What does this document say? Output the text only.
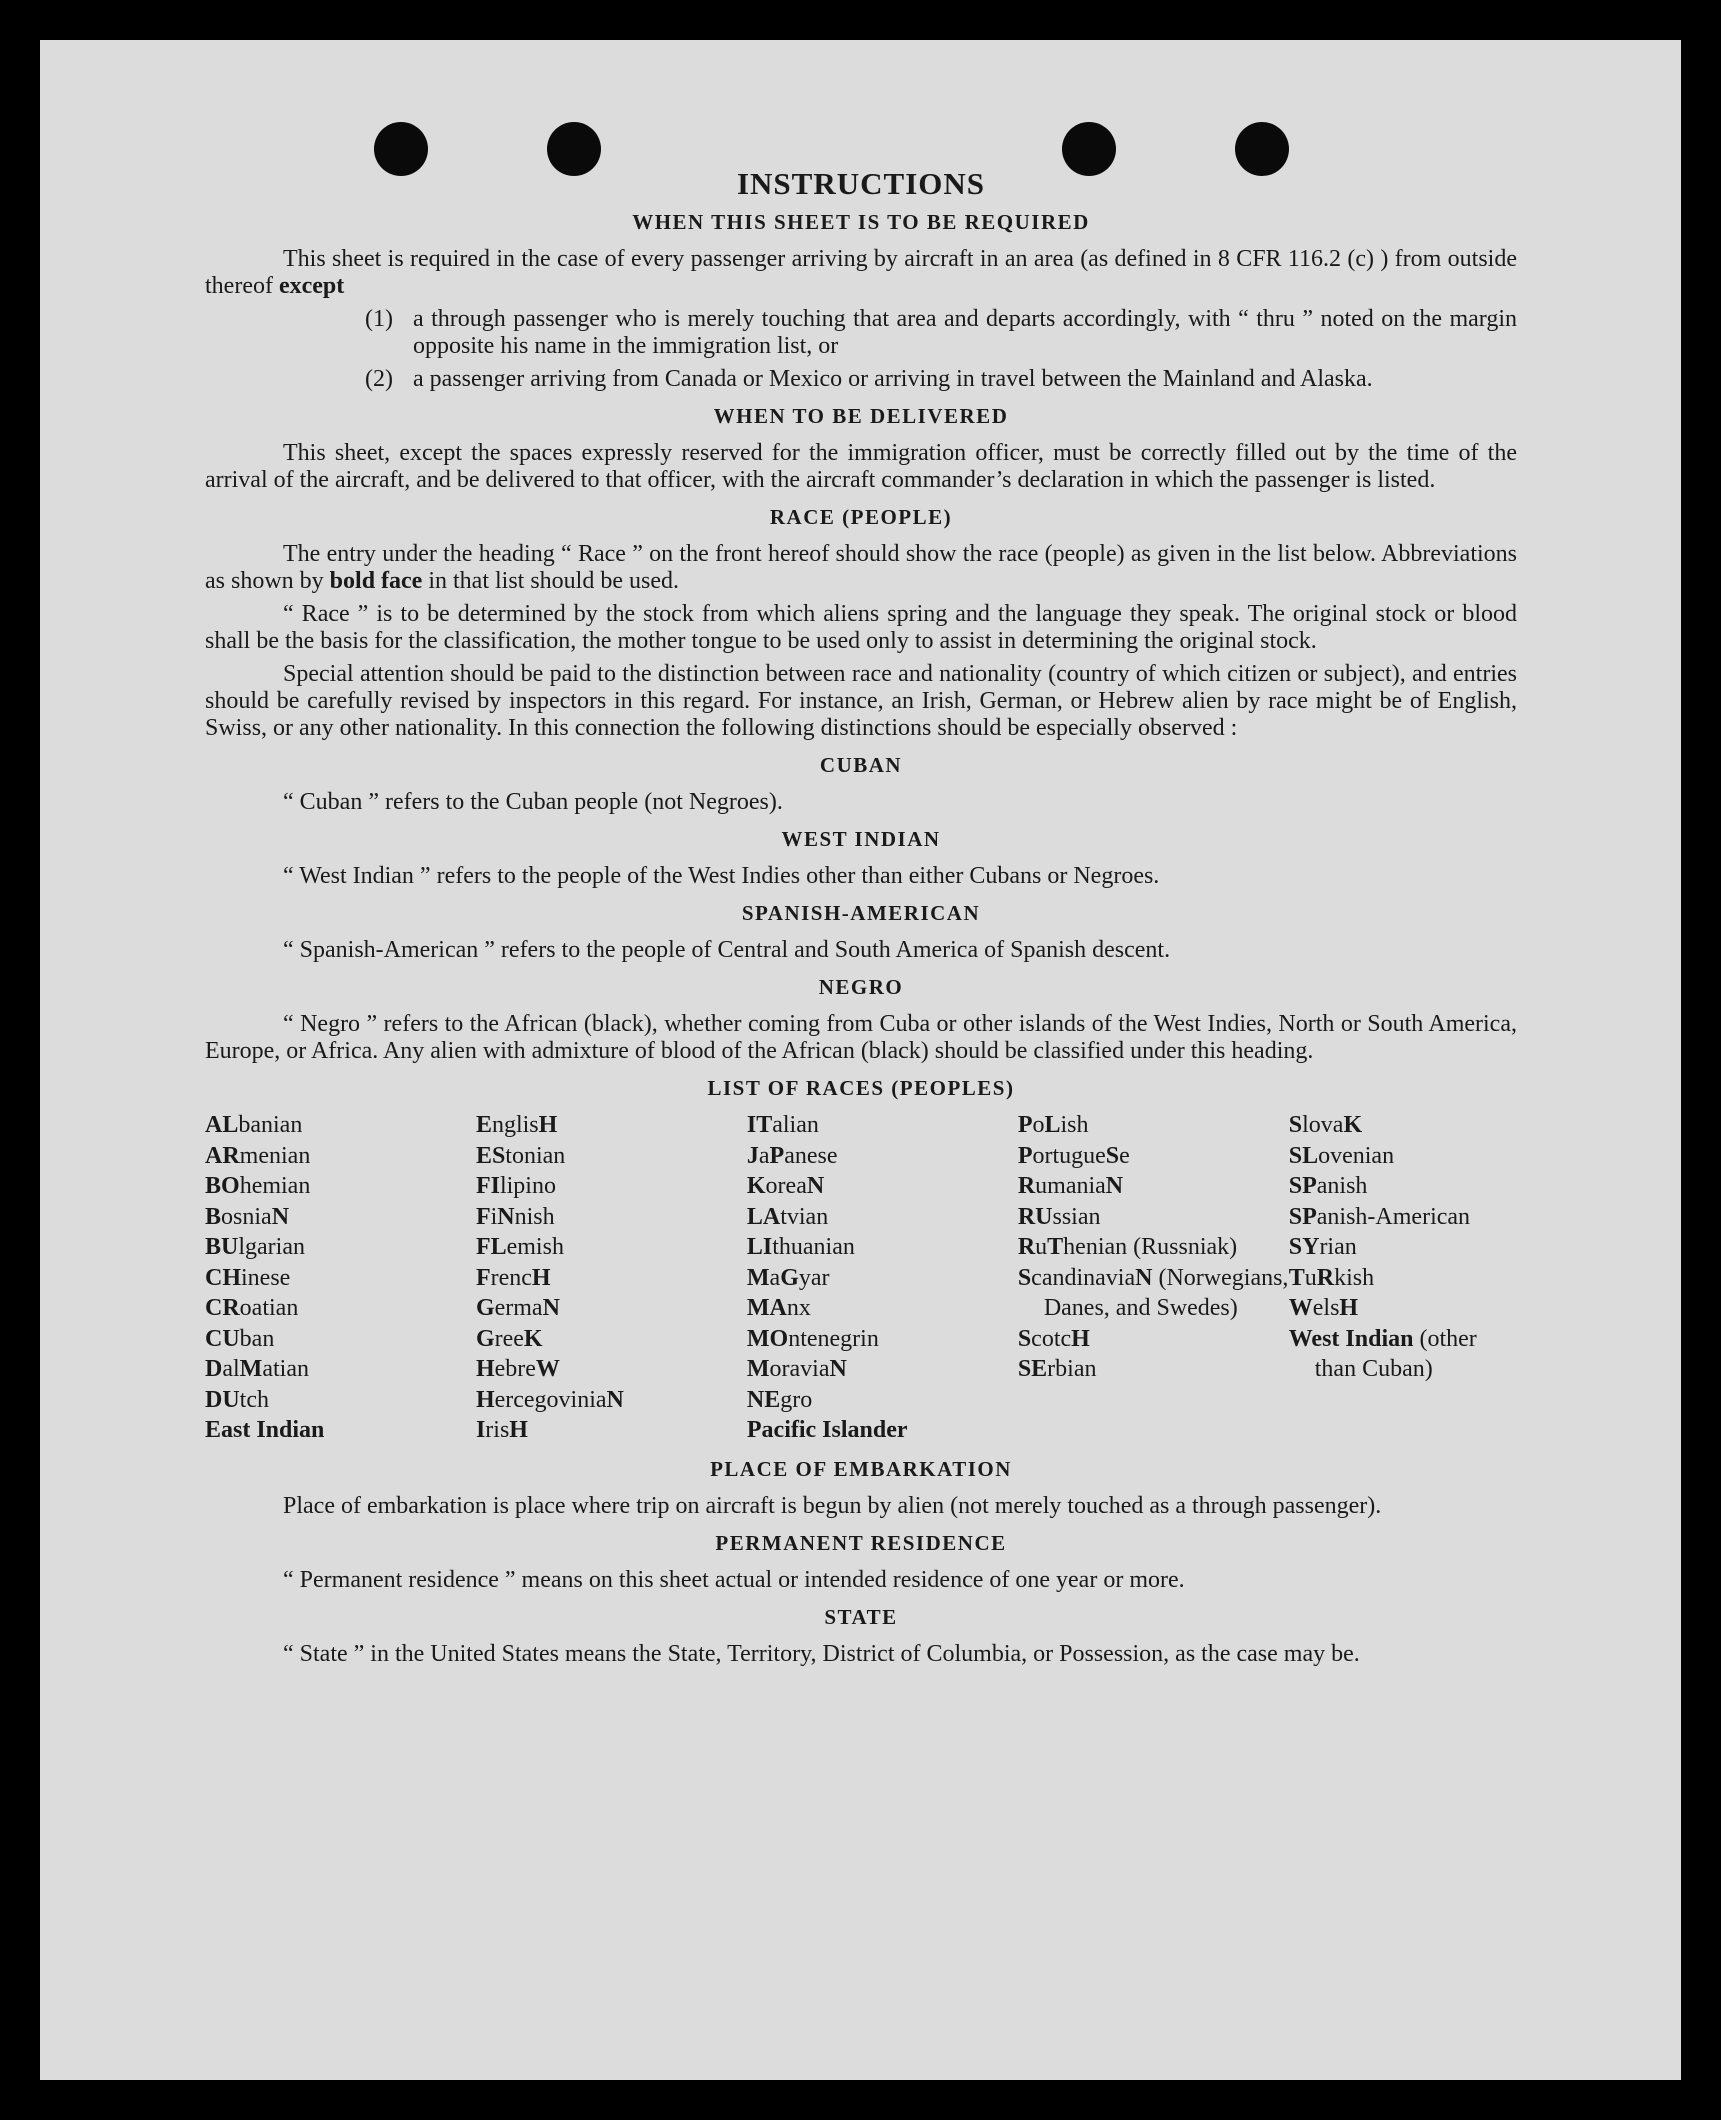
INSTRUCTIONS
WHEN THIS SHEET IS TO BE REQUIRED

This sheet is required in the case of every passenger arriving by aircraft in an area (as defined in 8 CFR 116.2 (c) ) from outside thereof except

(1) a through passenger who is merely touching that area and departs accordingly, with “ thru ” noted on the margin opposite his name in the immigration list, or
(2) a passenger arriving from Canada or Mexico or arriving in travel between the Mainland and Alaska.
WHEN TO BE DELIVERED

This sheet, except the spaces expressly reserved for the immigration officer, must be correctly filled out by the time of the arrival of the aircraft, and be delivered to that officer, with the aircraft commander’s declaration in which the passenger is listed.

RACE (PEOPLE)

The entry under the heading “ Race ” on the front hereof should show the race (people) as given in the list below. Abbreviations as shown by bold face in that list should be used.

“ Race ” is to be determined by the stock from which aliens spring and the language they speak. The original stock or blood shall be the basis for the classification, the mother tongue to be used only to assist in determining the original stock.

Special attention should be paid to the distinction between race and nationality (country of which citizen or subject), and entries should be carefully revised by inspectors in this regard. For instance, an Irish, German, or Hebrew alien by race might be of English, Swiss, or any other nationality. In this connection the following distinctions should be especially observed :

CUBAN
“ Cuban ” refers to the Cuban people (not Negroes).
WEST INDIAN
“ West Indian ” refers to the people of the West Indies other than either Cubans or Negroes.
SPANISH-AMERICAN
“ Spanish-American ” refers to the people of Central and South America of Spanish descent.
NEGRO

“ Negro ” refers to the African (black), whether coming from Cuba or other islands of the West Indies, North or South America, Europe, or Africa. Any alien with admixture of blood of the African (black) should be classified under this heading.

LIST OF RACES (PEOPLES)
ALbanian
ARmenian
BOhemian
BosniaN
BUlgarian
CHinese
CRoatian
CUban
DalMatian
DUtch
East Indian
EnglisH
EStonian
FIlipino
FiNnish
FLemish
FrencH
GermaN
GreeK
HebreW
HercegoviniaN
IrisH
ITalian
JaPanese
KoreaN
LAtvian
LIthuanian
MaGyar
MAnx
MOntenegrin
MoraviaN
NEgro
Pacific Islander
PoLish
PortugueSe
RumaniaN
RUssian
RuThenian (Russniak)
ScandinaviaN (Norwegians, Danes, and Swedes)
ScotcH
SErbian
SlovaK
SLovenian
SPanish
SPanish-American
SYrian
TuRkish
WelsH
West Indian (other than Cuban)
PLACE OF EMBARKATION

Place of embarkation is place where trip on aircraft is begun by alien (not merely touched as a through passenger).

PERMANENT RESIDENCE
“ Permanent residence ” means on this sheet actual or intended residence of one year or more.
STATE

“ State ” in the United States means the State, Territory, District of Columbia, or Possession, as the case may be.
